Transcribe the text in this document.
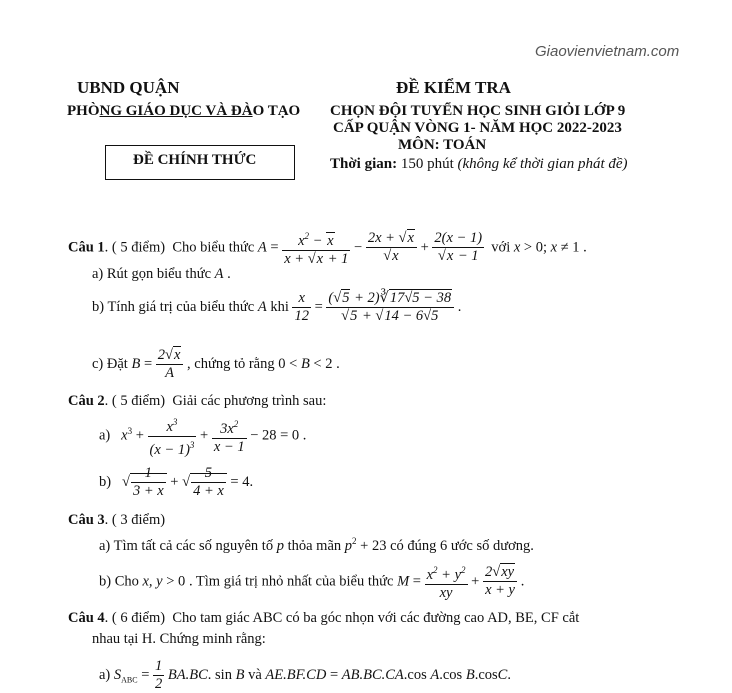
Giaovienvietnam.com
UBND QUẬN
PHÒNG GIÁO DỤC VÀ ĐÀO TẠO
ĐỀ CHÍNH THỨC
ĐỀ KIỂM TRA
CHỌN ĐỘI TUYỂN HỌC SINH GIỎI LỚP 9
CẤP QUẬN VÒNG 1- NĂM HỌC 2022-2023
MÔN: TOÁN
Thời gian: 150 phút (không kể thời gian phát đề)
Câu 1. ( 5 điểm) Cho biểu thức $A = \frac{x^2 - x}{x + √x + 1} - \frac{2x + √x}{√x} + \frac{2(x - 1)}{√x - 1}$ với x > 0; x ≠ 1 .
a) Rút gọn biểu thức A .
b) Tính giá trị của biểu thức A khi $\frac{x}{12} = \frac{(√5 + 2)∛17√5 - 38}{√5 + √14 - 6√5}$ .
c) Đặt $B = \frac{2√x}{A}$ , chứng tỏ rằng 0 < B < 2 .
Câu 2. ( 5 điểm) Giải các phương trình sau:
a) $x^3 + \frac{x^3}{(x - 1)^3} + \frac{3x^2}{x - 1} - 28 = 0$ .
b)   √ $\frac{1}{3 + x}$ + √ $\frac{5}{4 + x} = 4$.
Câu 3. ( 3 điểm)
a) Tìm tất cả các số nguyên tố p thỏa mãn $p^2 + 23$ có đúng 6 ước số dương.
b) Cho x, y > 0 . Tìm giá trị nhỏ nhất của biểu thức $M = \frac{x^2 + y^2}{xy} + \frac{2√xy}{x + y}$ .
Câu 4. ( 6 điểm) Cho tam giác ABC có ba góc nhọn với các đường cao AD, BE, CF cắt
nhau tại H. Chứng minh rằng:
a) $S_{ABC} = \frac{1}{2} BA.BC$. sin B và AE.BF.CD = AB.BC.CA.cos A.cos B.cosC.
